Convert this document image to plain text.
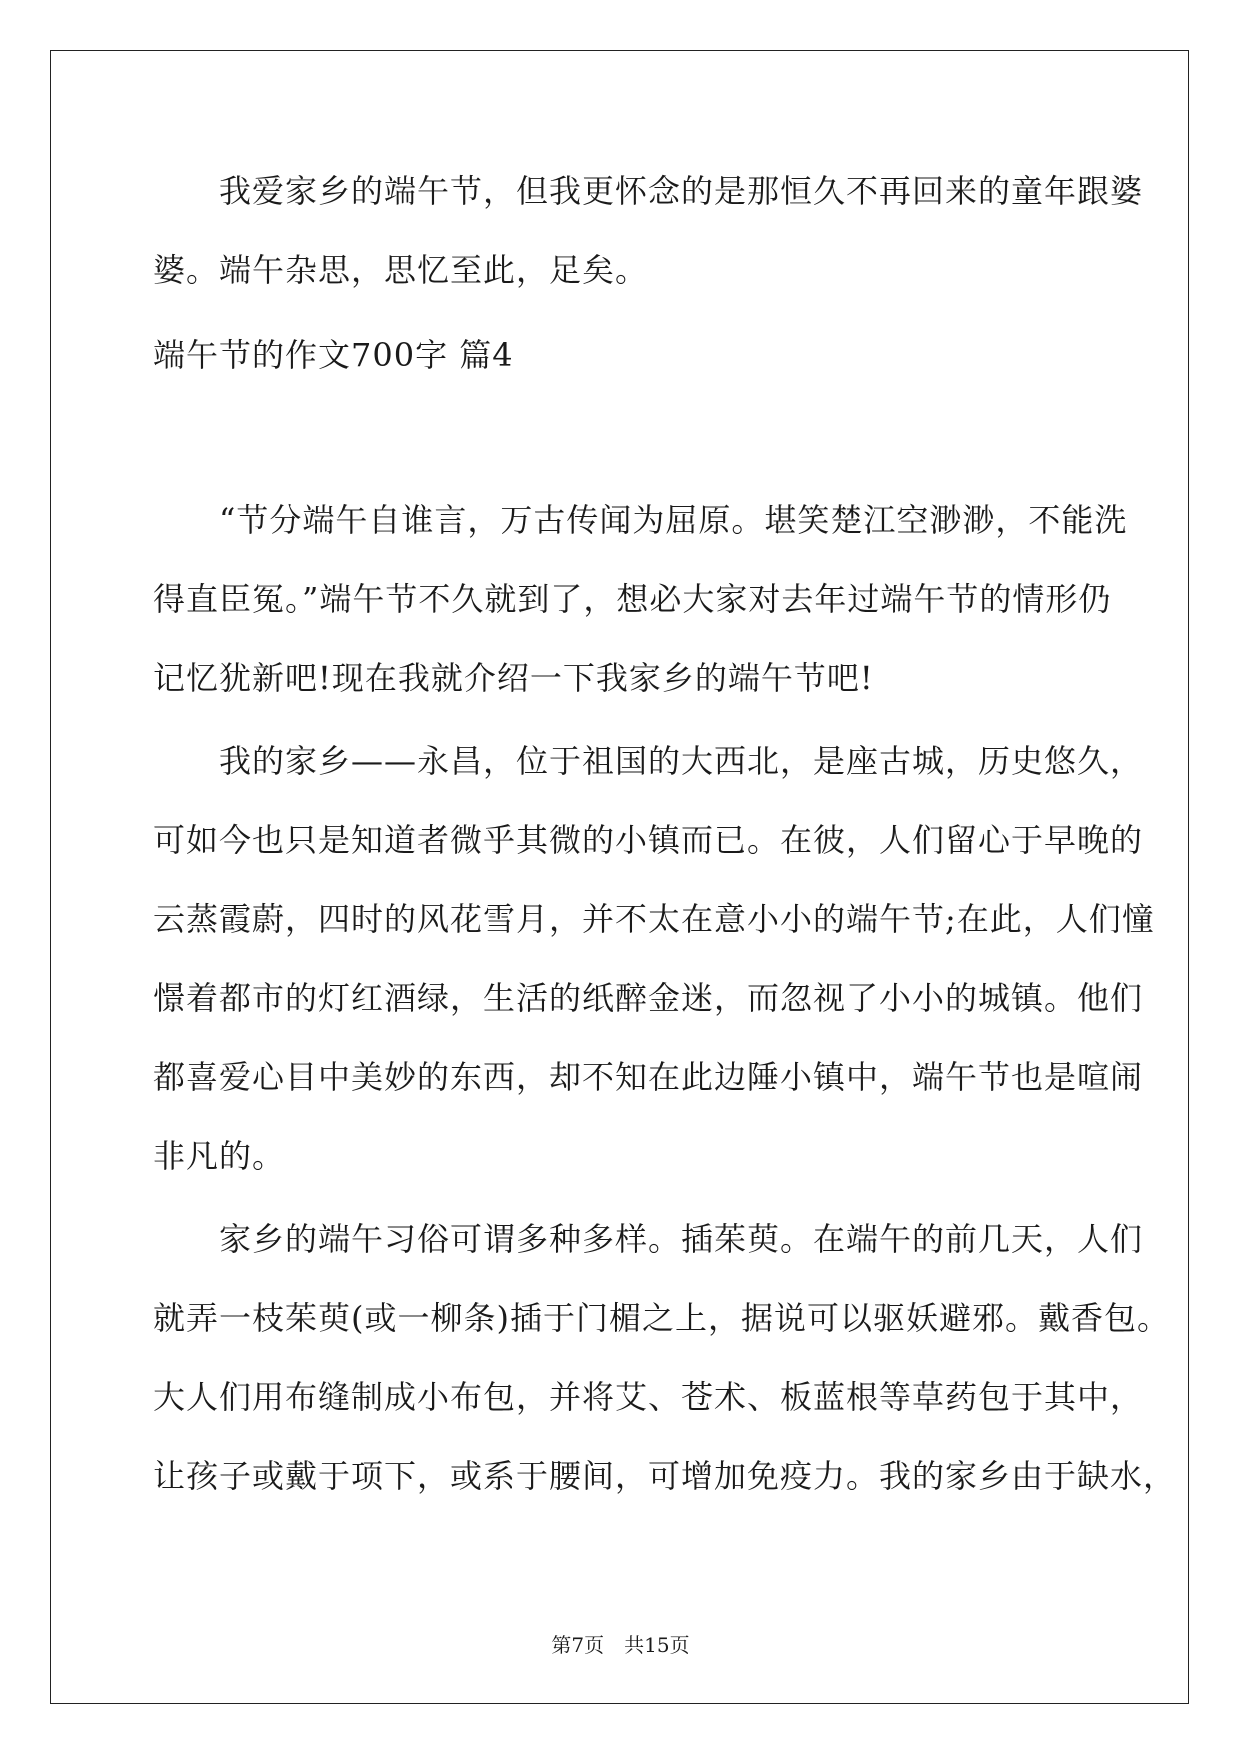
　　我爱家乡的端午节，但我更怀念的是那恒久不再回来的童年跟婆
婆。端午杂思，思忆至此，足矣。
端午节的作文700字 篇4
　　“节分端午自谁言，万古传闻为屈原。堪笑楚江空渺渺，不能洗
得直臣冤。”端午节不久就到了，想必大家对去年过端午节的情形仍
记忆犹新吧!现在我就介绍一下我家乡的端午节吧!
　　我的家乡——永昌，位于祖国的大西北，是座古城，历史悠久，
可如今也只是知道者微乎其微的小镇而已。在彼，人们留心于早晚的
云蒸霞蔚，四时的风花雪月，并不太在意小小的端午节;在此，人们憧
憬着都市的灯红酒绿，生活的纸醉金迷，而忽视了小小的城镇。他们
都喜爱心目中美妙的东西，却不知在此边陲小镇中，端午节也是喧闹
非凡的。
　　家乡的端午习俗可谓多种多样。插茱萸。在端午的前几天，人们
就弄一枝茱萸(或一柳条)插于门楣之上，据说可以驱妖避邪。戴香包。
大人们用布缝制成小布包，并将艾、苍术、板蓝根等草药包于其中，
让孩子或戴于项下，或系于腰间，可增加免疫力。我的家乡由于缺水，
第7页　共15页
